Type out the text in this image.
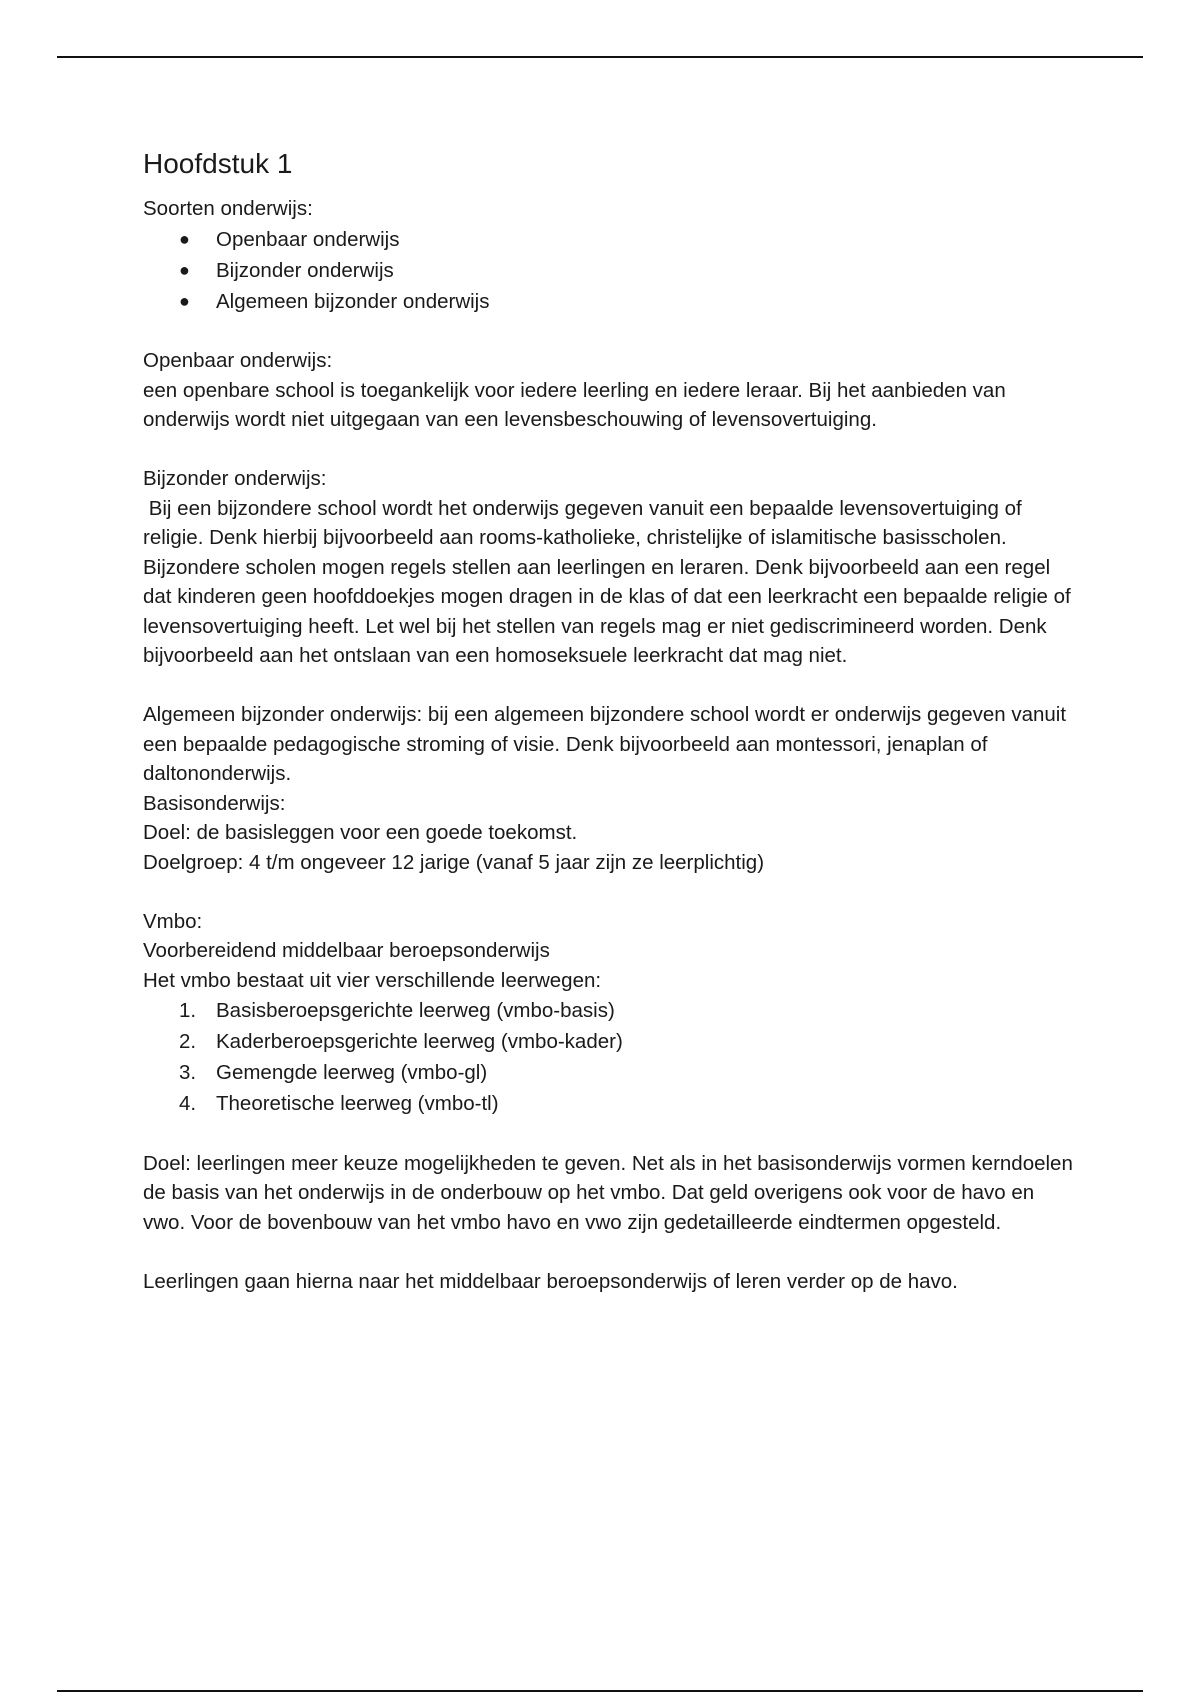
Hoofdstuk 1

Soorten onderwijs:

● Openbaar onderwijs
● Bijzonder onderwijs
● Algemeen bijzonder onderwijs

Openbaar onderwijs:

een openbare school is toegankelijk voor iedere leerling en iedere leraar. Bij het aanbieden van onderwijs wordt niet uitgegaan van een levensbeschouwing of levensovertuiging.

Bijzonder onderwijs:

Bij een bijzondere school wordt het onderwijs gegeven vanuit een bepaalde levensovertuiging of religie. Denk hierbij bijvoorbeeld aan rooms-katholieke, christelijke of islamitische basisscholen. Bijzondere scholen mogen regels stellen aan leerlingen en leraren. Denk bijvoorbeeld aan een regel dat kinderen geen hoofddoekjes mogen dragen in de klas of dat een leerkracht een bepaalde religie of levensovertuiging heeft. Let wel bij het stellen van regels mag er niet gediscrimineerd worden. Denk bijvoorbeeld aan het ontslaan van een homoseksuele leerkracht dat mag niet.

Algemeen bijzonder onderwijs: bij een algemeen bijzondere school wordt er onderwijs gegeven vanuit een bepaalde pedagogische stroming of visie. Denk bijvoorbeeld aan montessori, jenaplan of daltononderwijs.

Basisonderwijs:

Doel: de basisleggen voor een goede toekomst.

Doelgroep: 4 t/m ongeveer 12 jarige (vanaf 5 jaar zijn ze leerplichtig)

Vmbo:

Voorbereidend middelbaar beroepsonderwijs

Het vmbo bestaat uit vier verschillende leerwegen:

1. Basisberoepsgerichte leerweg (vmbo-basis)
2. Kaderberoepsgerichte leerweg (vmbo-kader)
3. Gemengde leerweg (vmbo-gl)
4. Theoretische leerweg (vmbo-tl)

Doel: leerlingen meer keuze mogelijkheden te geven. Net als in het basisonderwijs vormen kerndoelen de basis van het onderwijs in de onderbouw op het vmbo. Dat geld overigens ook voor de havo en vwo. Voor de bovenbouw van het vmbo havo en vwo zijn gedetailleerde eindtermen opgesteld.

Leerlingen gaan hierna naar het middelbaar beroepsonderwijs of leren verder op de havo.
